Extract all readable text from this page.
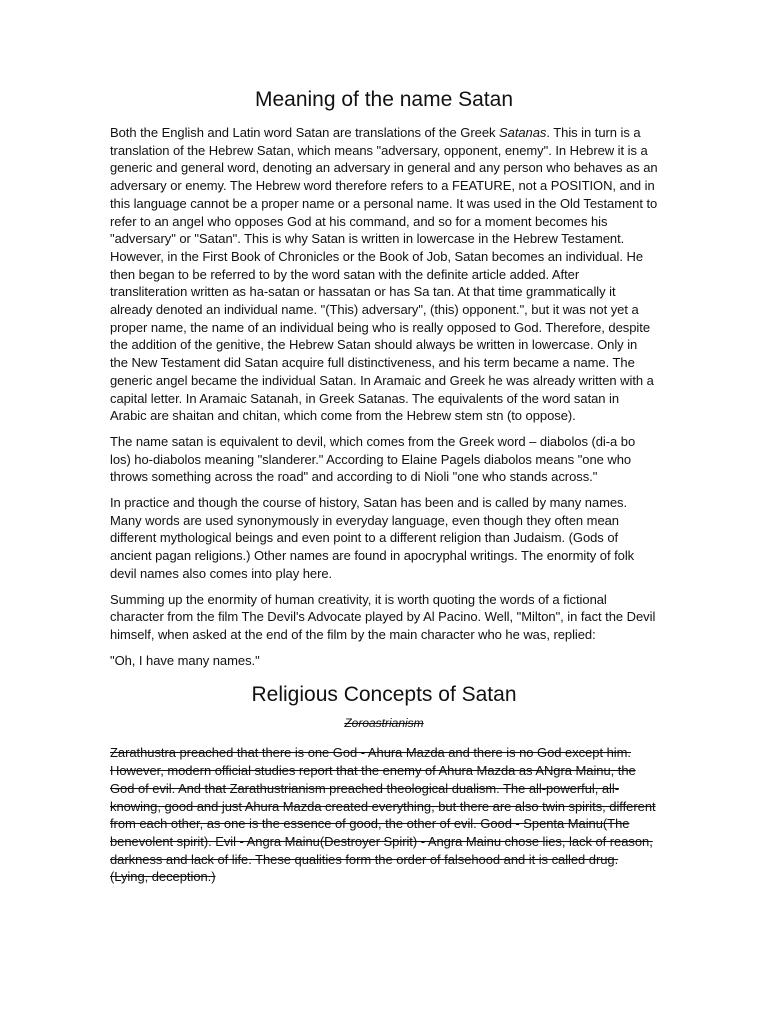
Meaning of the name Satan

Both the English and Latin word Satan are translations of the Greek Satanas. This in turn is a translation of the Hebrew Satan, which means "adversary, opponent, enemy". In Hebrew it is a generic and general word, denoting an adversary in general and any person who behaves as an adversary or enemy. The Hebrew word therefore refers to a FEATURE, not a POSITION, and in this language cannot be a proper name or a personal name. It was used in the Old Testament to refer to an angel who opposes God at his command, and so for a moment becomes his "adversary" or "Satan". This is why Satan is written in lowercase in the Hebrew Testament. However, in the First Book of Chronicles or the Book of Job, Satan becomes an individual. He then began to be referred to by the word satan with the definite article added. After transliteration written as ha-satan or hassatan or has Sa tan. At that time grammatically it already denoted an individual name. "(This) adversary", (this) opponent.", but it was not yet a proper name, the name of an individual being who is really opposed to God. Therefore, despite the addition of the genitive, the Hebrew Satan should always be written in lowercase. Only in the New Testament did Satan acquire full distinctiveness, and his term became a name. The generic angel became the individual Satan. In Aramaic and Greek he was already written with a capital letter. In Aramaic Satanah, in Greek Satanas. The equivalents of the word satan in Arabic are shaitan and chitan, which come from the Hebrew stem stn (to oppose).

The name satan is equivalent to devil, which comes from the Greek word – diabolos (di-a bo los) ho-diabolos meaning "slanderer." According to Elaine Pagels diabolos means "one who throws something across the road" and according to di Nioli "one who stands across."

In practice and though the course of history, Satan has been and is called by many names. Many words are used synonymously in everyday language, even though they often mean different mythological beings and even point to a different religion than Judaism. (Gods of ancient pagan religions.) Other names are found in apocryphal writings. The enormity of folk devil names also comes into play here.

Summing up the enormity of human creativity, it is worth quoting the words of a fictional character from the film The Devil's Advocate played by Al Pacino. Well, "Milton", in fact the Devil himself, when asked at the end of the film by the main character who he was, replied:

"Oh, I have many names."

Religious Concepts of Satan
Zoroastrianism

Zarathustra preached that there is one God - Ahura Mazda and there is no God except him. However, modern official studies report that the enemy of Ahura Mazda as ANgra Mainu, the God of evil. And that Zarathustrianism preached theological dualism. The all-powerful, all-knowing, good and just Ahura Mazda created everything, but there are also twin spirits, different from each other, as one is the essence of good, the other of evil. Good - Spenta Mainu(The benevolent spirit). Evil - Angra Mainu(Destroyer Spirit) - Angra Mainu chose lies, lack of reason, darkness and lack of life. These qualities form the order of falsehood and it is called drug. (Lying, deception.)
